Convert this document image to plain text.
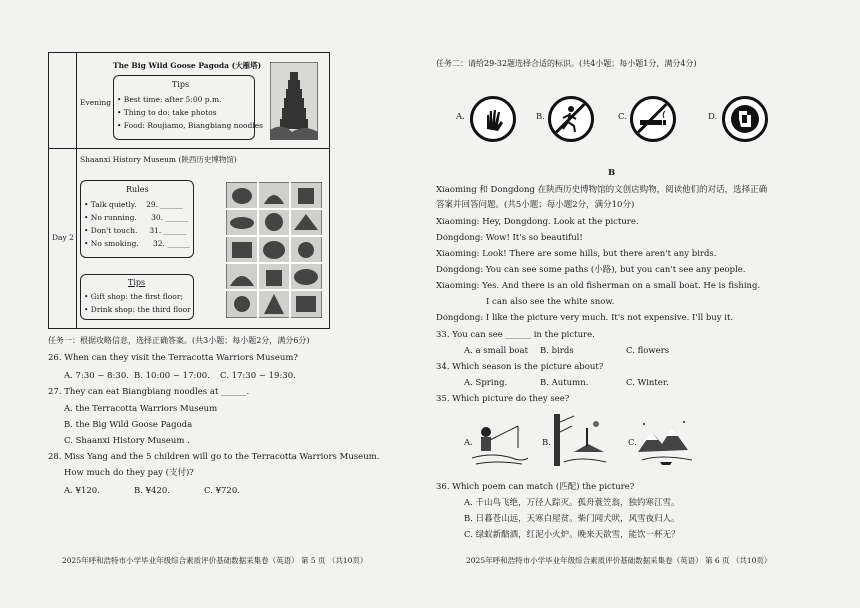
Evening
The Big Wild Goose Pagoda (大雁塔)
Tips
• Best time: after 5:00 p.m.
• Thing to do: take photos
• Food: Roujiamo, Biangbiang noodles
Day 2
Shaanxi History Museum (陕西历史博物馆)
Rules
• Talk quietly.    29. ______
• No running.      30. ______
• Don't touch.     31. ______
• No smoking.      32. ______
Tips
• Gift shop: the first floor;
• Drink shop: the third floor
任务一：根据攻略信息，选择正确答案。(共3小题；每小题2分，满分6分)
26. When can they visit the Terracotta Warriors Museum?
A. 7:30 ~ 8:30. B. 10:00 ~ 17:00. C. 17:30 ~ 19:30.
27. They can eat Biangbiang noodles at ______.
A. the Terracotta Warriors Museum
B. the Big Wild Goose Pagoda
C. Shaanxi History Museum .
28. Miss Yang and the 5 children will go to the Terracotta Warriors Museum.
How much do they pay (支付)?
A. ¥120.	B. ¥420.	C. ¥720.
2025年呼和浩特市小学毕业年级综合素质评价基础数据采集卷（英语） 第 5 页 （共10页）
任务二：请给29-32题选择合适的标识。(共4小题；每小题1分，满分4分)
A.	B.	C.	D.
B
Xiaoming 和 Dongdong 在陕西历史博物馆的文创店购物，阅读他们的对话，选择正确
答案并回答问题。(共5小题；每小题2分，满分10分)
Xiaoming: Hey, Dongdong. Look at the picture.
Dongdong: Wow! It's so beautiful!
Xiaoming: Look! There are some hills, but there aren't any birds.
Dongdong: You can see some paths (小路), but you can't see any people.
Xiaoming: Yes. And there is an old fisherman on a small boat. He is fishing.
I can also see the white snow.
Dongdong: I like the picture very much. It's not expensive. I'll buy it.
33. You can see ______ in the picture.
A. a small boat B. birds	C. flowers
34. Which season is the picture about?
A. Spring.	B. Autumn.	C. Winter.
35. Which picture do they see?
A.	B.	C.
36. Which poem can match (匹配) the picture?
A. 千山鸟飞绝，万径人踪灭。孤舟蓑笠翁，独钓寒江雪。
B. 日暮苍山远，天寒白屋贫。柴门闻犬吠，风雪夜归人。
C. 绿蚁新醅酒，红泥小火炉。晚来天欲雪，能饮一杯无？
2025年呼和浩特市小学毕业年级综合素质评价基础数据采集卷（英语） 第 6 页 （共10页）
